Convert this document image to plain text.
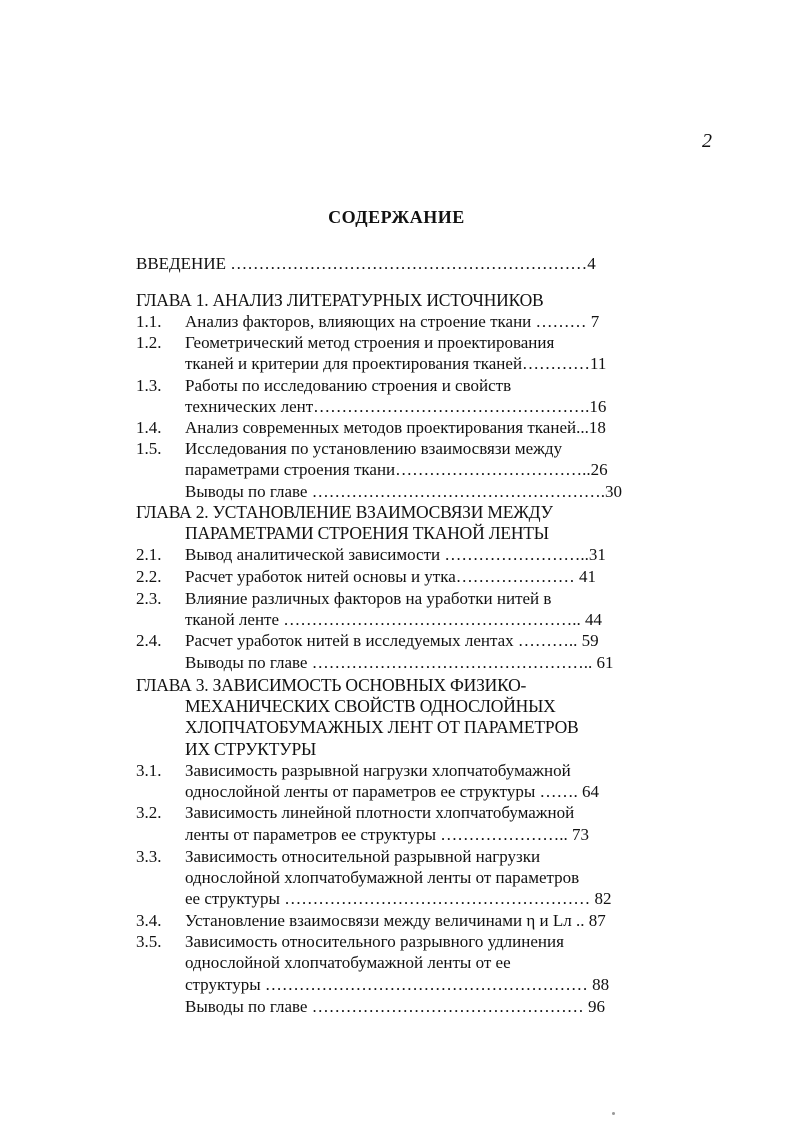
2
СОДЕРЖАНИЕ
ВВЕДЕНИЕ ………………………………………………………4
ГЛАВА 1. АНАЛИЗ ЛИТЕРАТУРНЫХ ИСТОЧНИКОВ
1.1. Анализ факторов, влияющих на строение ткани ……… 7
1.2. Геометрический метод строения и проектирования
тканей и критерии для проектирования тканей…………11
1.3. Работы по исследованию строения и свойств
технических лент………………………………………….16
1.4. Анализ современных методов проектирования тканей...18
1.5. Исследования по установлению взаимосвязи между
параметрами строения ткани……………………………..26
Выводы по главе …………………………………………….30
ГЛАВА 2. УСТАНОВЛЕНИЕ ВЗАИМОСВЯЗИ МЕЖДУ
ПАРАМЕТРАМИ СТРОЕНИЯ ТКАНОЙ ЛЕНТЫ
2.1. Вывод аналитической зависимости ……………………..31
2.2. Расчет уработок нитей основы и утка………………… 41
2.3. Влияние различных факторов на уработки нитей в
тканой ленте …………………………………………….. 44
2.4. Расчет уработок нитей в исследуемых лентах ……….. 59
Выводы по главе ………………………………………….. 61
ГЛАВА 3. ЗАВИСИМОСТЬ ОСНОВНЫХ ФИЗИКО-
МЕХАНИЧЕСКИХ СВОЙСТВ ОДНОСЛОЙНЫХ
ХЛОПЧАТОБУМАЖНЫХ ЛЕНТ ОТ ПАРАМЕТРОВ
ИХ СТРУКТУРЫ
3.1. Зависимость разрывной нагрузки хлопчатобумажной
однослойной ленты от параметров ее структуры ……. 64
3.2. Зависимость линейной плотности хлопчатобумажной
ленты от параметров ее структуры ………………….. 73
3.3. Зависимость относительной разрывной нагрузки
однослойной хлопчатобумажной ленты от параметров
ее структуры ……………………………………………… 82
3.4. Установление взаимосвязи между величинами η и Lл .. 87
3.5. Зависимость относительного разрывного удлинения
однослойной хлопчатобумажной ленты от ее
структуры ………………………………………………… 88
Выводы по главе ………………………………………… 96
